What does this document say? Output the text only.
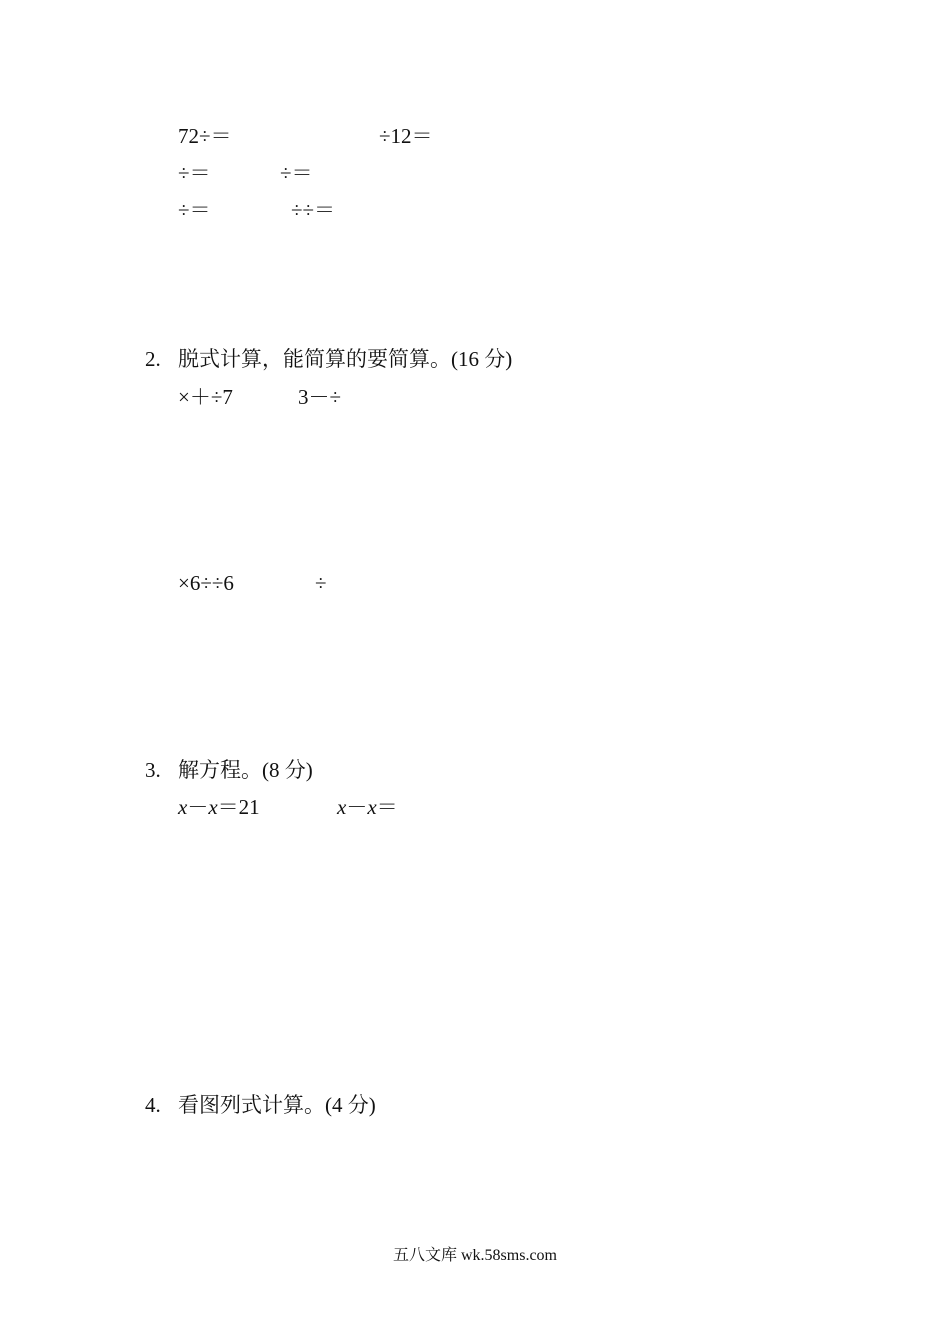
72÷＝	÷12＝
÷＝	÷＝
÷＝	÷÷＝
2. 脱式计算，能简算的要简算。(16 分)
×＋÷7	3－÷
×6÷÷6	÷
3. 解方程。(8 分)
x－x＝21	x－x＝
4. 看图列式计算。(4 分)
五八文库 wk.58sms.com
